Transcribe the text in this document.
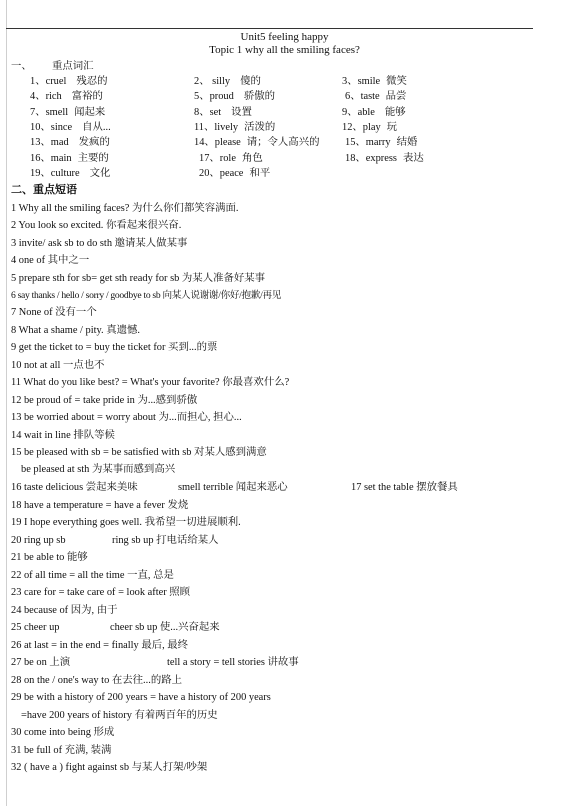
Unit5 feeling happy
Topic 1 why all the smiling faces?
一、 重点词汇
1、cruel 残忍的	2、 silly 傻的	3、smile 微笑
4、rich 富裕的	5、proud 骄傲的	6、taste 品尝
7、smell 闻起来	8、set 设置	9、able 能够
10、since 自从...	11、lively 活泼的	12、play 玩
13、mad 发疯的	14、please 请；令人高兴的 15、marry 结婚
16、main 主要的	17、role 角色	18、express 表达
19、culture 文化	20、peace 和平
二、重点短语
1 Why all the smiling faces? 为什么你们都笑容满面.
2 You look so excited. 你看起来很兴奋.
3 invite/ ask sb to do sth 邀请某人做某事
4 one of 其中之一
5 prepare sth for sb= get sth ready for sb 为某人准备好某事
6 say thanks / hello / sorry / goodbye to sb 向某人说谢谢/你好/抱歉/再见
7 None of 没有一个
8 What a shame / pity. 真遗憾.
9 get the ticket to = buy the ticket for 买到...的票
10 not at all 一点也不
11 What do you like best? = What's your favorite? 你最喜欢什么?
12 be proud of = take pride in 为...感到骄傲
13 be worried about = worry about 为...而担心, 担心...
14 wait in line 排队等候
15 be pleased with sb = be satisfied with sb 对某人感到满意
be pleased at sth 为某事而感到高兴
16 taste delicious 尝起来美味	smell terrible 闻起来恶心	17 set the table 摆放餐具
18 have a temperature = have a fever 发烧
19 I hope everything goes well. 我希望一切进展顺利.
20 ring up sb	ring sb up 打电话给某人
21 be able to 能够
22 of all time = all the time 一直, 总是
23 care for = take care of = look after 照顾
24 because of 因为, 由于
25 cheer up	cheer sb up 使...兴奋起来
26 at last = in the end = finally 最后, 最终
27 be on 上演	tell a story = tell stories 讲故事
28 on the / one's way to 在去往...的路上
29 be with a history of 200 years = have a history of 200 years
=have 200 years of history 有着两百年的历史
30 come into being 形成
31 be full of 充满, 装满
32 ( have a ) fight against sb 与某人打架/吵架
